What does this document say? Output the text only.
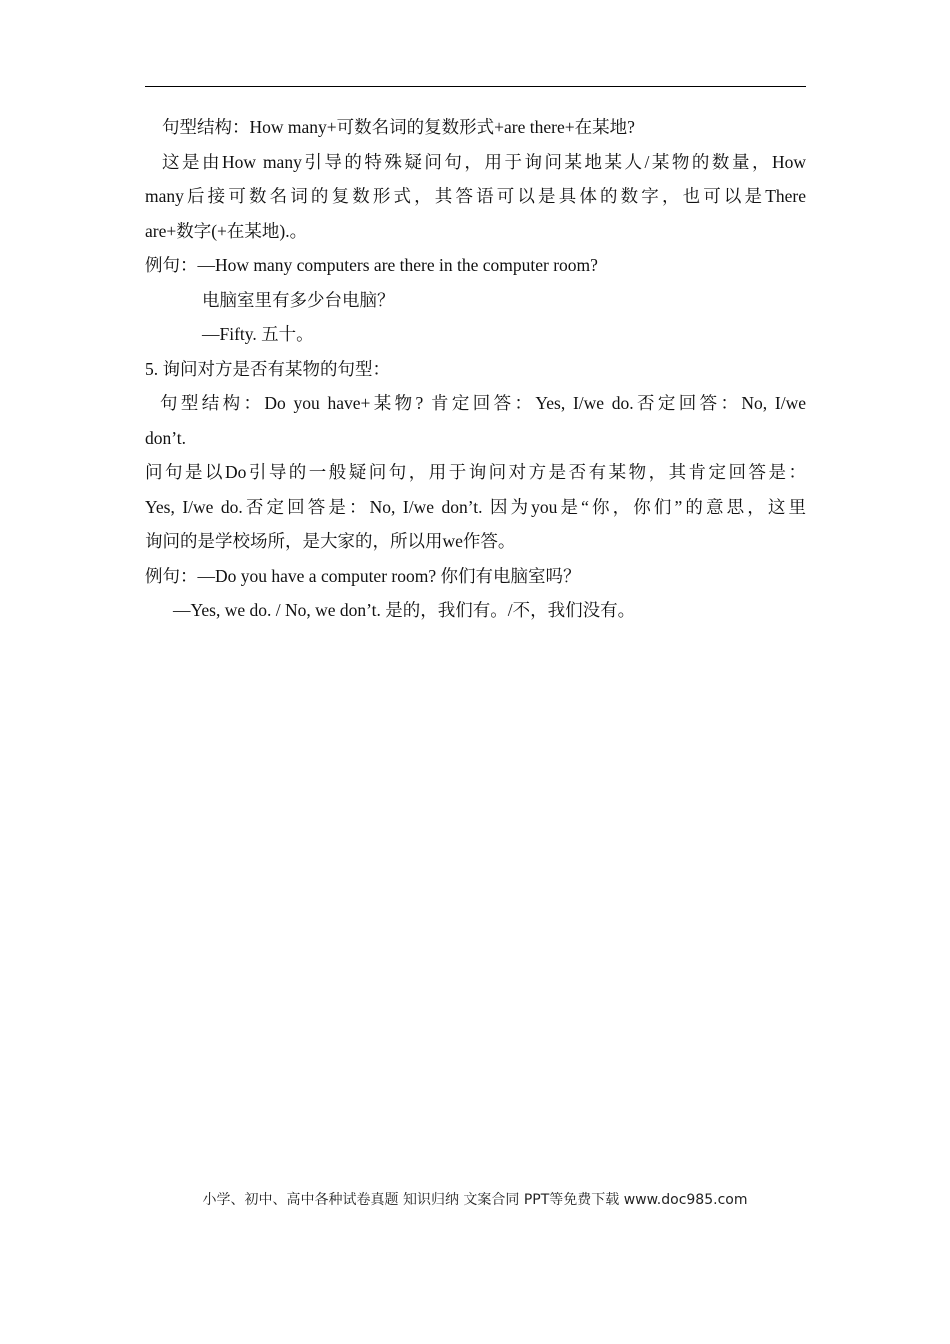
句型结构：How many+可数名词的复数形式+are there+在某地?
这是由How many引导的特殊疑问句，用于询问某地某人/某物的数量，How
many后接可数名词的复数形式，其答语可以是具体的数字，也可以是There
are+数字(+在某地).。
例句：—How many computers are there in the computer room?
电脑室里有多少台电脑？
—Fifty. 五十。
5. 询问对方是否有某物的句型：
句型结构：Do you have+某物? 肯定回答：Yes, I/we do.否定回答：No, I/we
don’t.
问句是以Do引导的一般疑问句，用于询问对方是否有某物，其肯定回答是：
Yes, I/we do.否定回答是：No, I/we don’t. 因为you是“你，你们”的意思，这里
询问的是学校场所，是大家的，所以用we作答。
例句：—Do you have a computer room? 你们有电脑室吗？
—Yes, we do. / No, we don’t. 是的，我们有。/不，我们没有。
小学、初中、高中各种试卷真题 知识归纳 文案合同 PPT等免费下载 www.doc985.com
